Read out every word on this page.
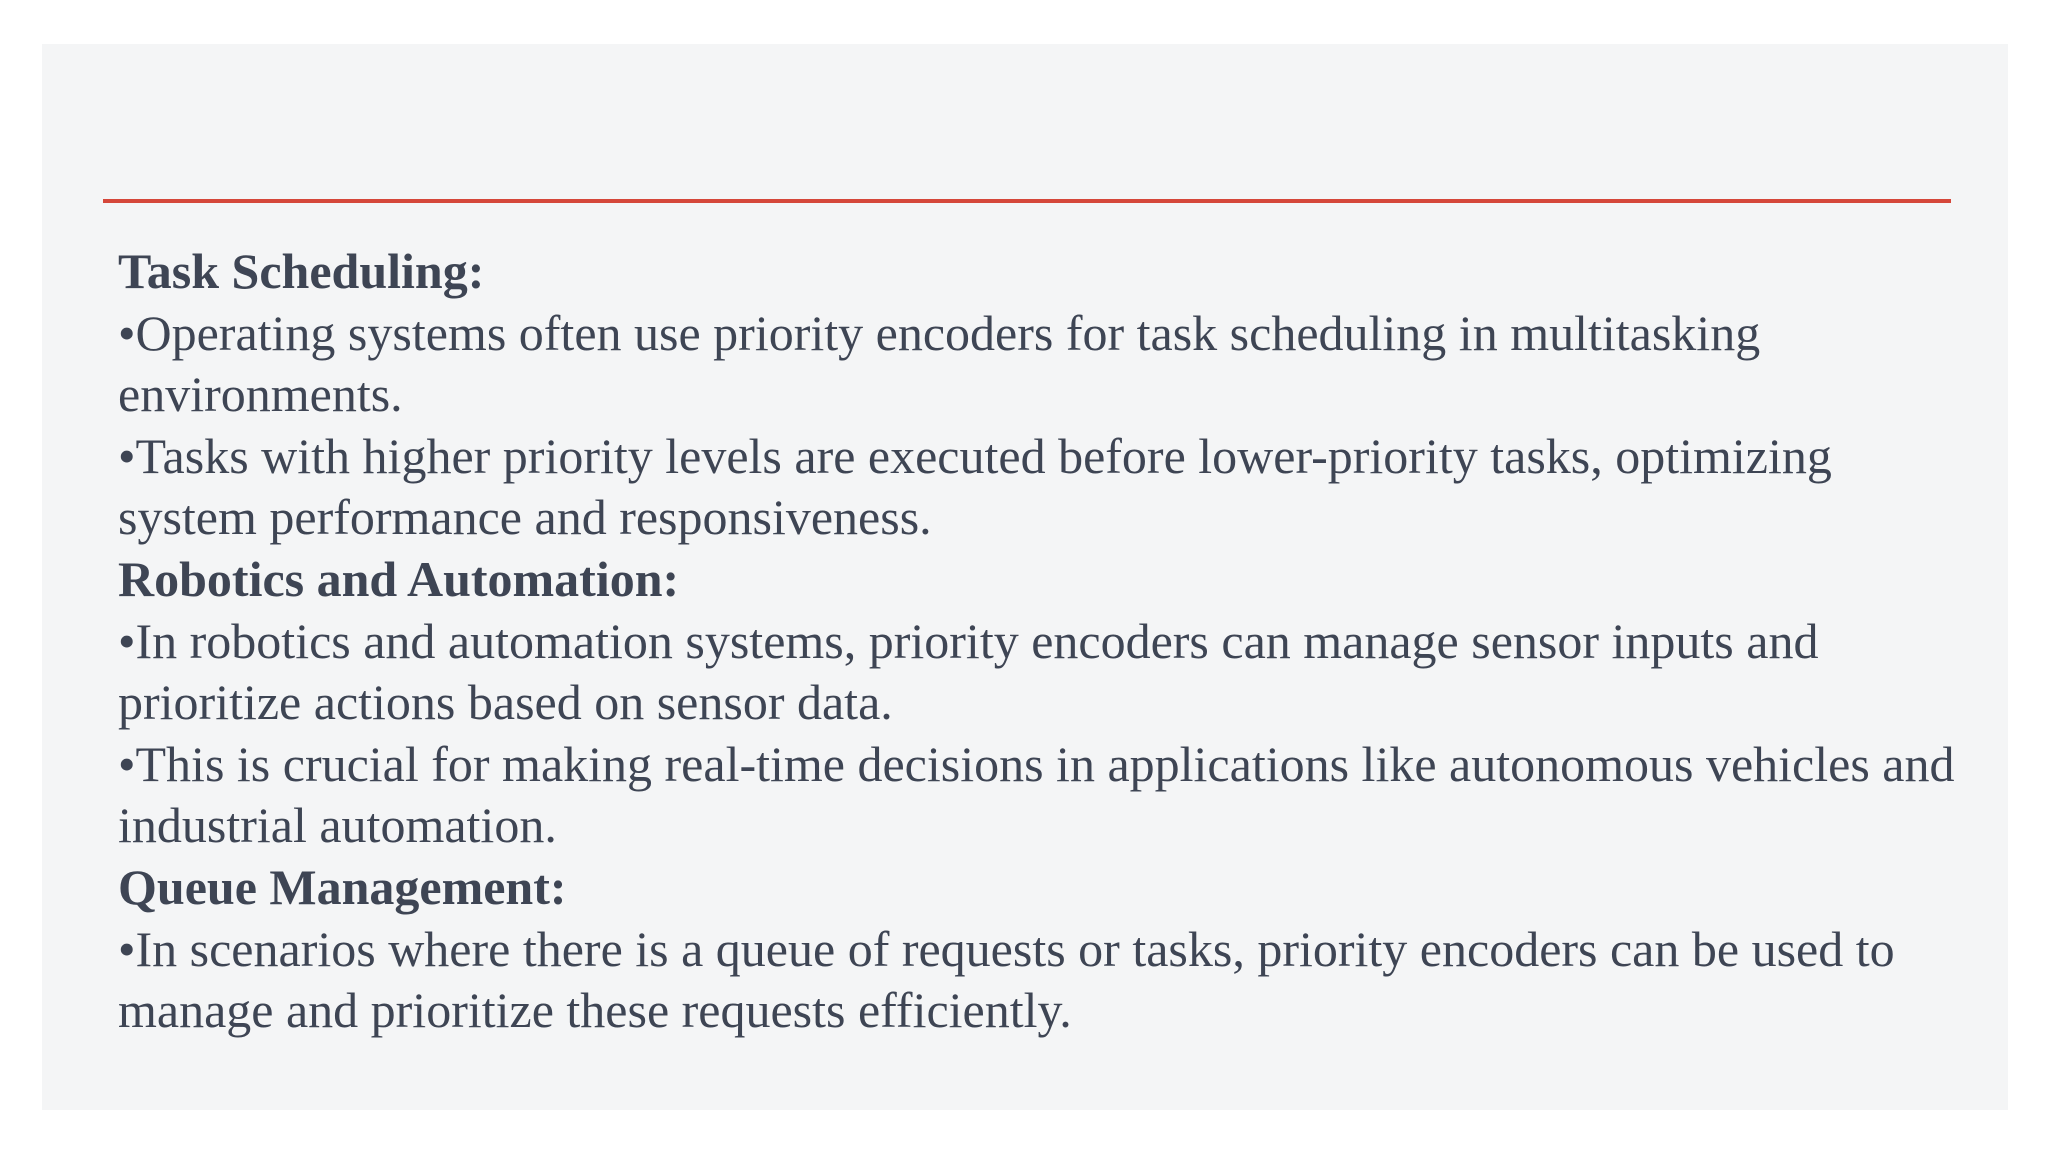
Task Scheduling:

•Operating systems often use priority encoders for task scheduling in multitasking environments.

•Tasks with higher priority levels are executed before lower-priority tasks, optimizing system performance and responsiveness.

Robotics and Automation:

•In robotics and automation systems, priority encoders can manage sensor inputs and prioritize actions based on sensor data.

•This is crucial for making real-time decisions in applications like autonomous vehicles and industrial automation.

Queue Management:

•In scenarios where there is a queue of requests or tasks, priority encoders can be used to manage and prioritize these requests efficiently.
